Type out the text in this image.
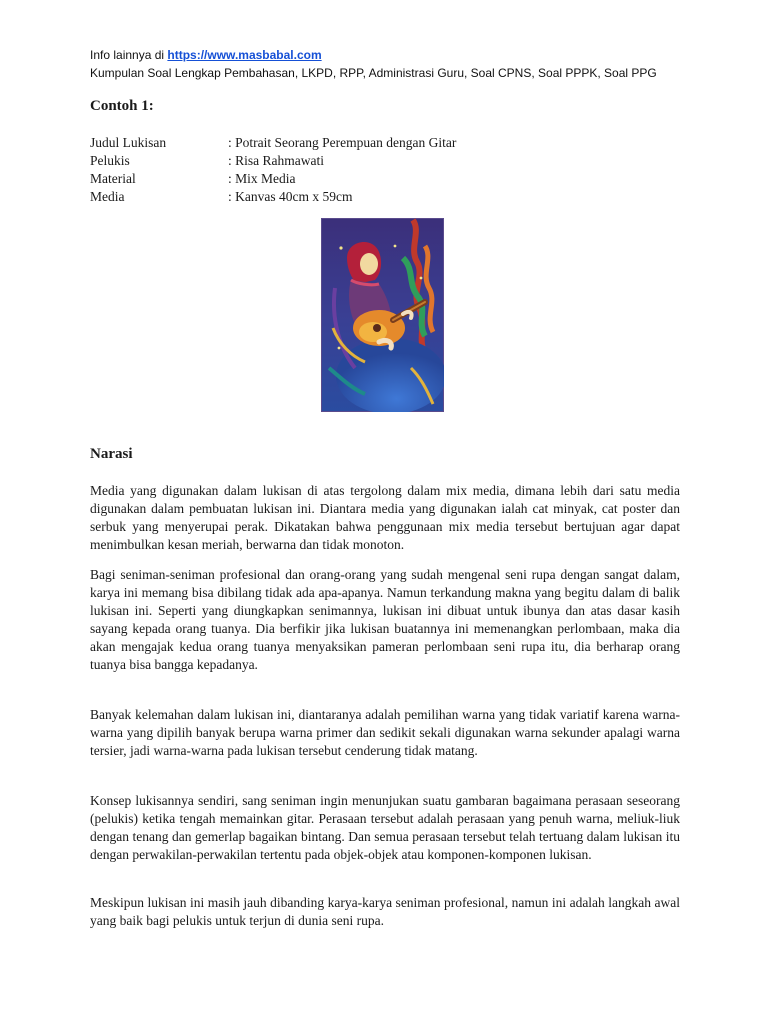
Info lainnya di https://www.masbabal.com
Kumpulan Soal Lengkap Pembahasan, LKPD, RPP, Administrasi Guru, Soal CPNS, Soal PPPK, Soal PPG
Contoh 1:
Judul Lukisan	: Potrait Seorang Perempuan dengan Gitar
Pelukis	: Risa Rahmawati
Material	: Mix Media
Media	: Kanvas 40cm x 59cm
Narasi

Media yang digunakan dalam lukisan di atas tergolong dalam mix media, dimana lebih dari satu media digunakan dalam pembuatan lukisan ini. Diantara media yang digunakan ialah cat minyak, cat poster dan serbuk yang menyerupai perak. Dikatakan bahwa penggunaan mix media tersebut bertujuan agar dapat menimbulkan kesan meriah, berwarna dan tidak monoton.

Bagi seniman-seniman profesional dan orang-orang yang sudah mengenal seni rupa dengan sangat dalam, karya ini memang bisa dibilang tidak ada apa-apanya. Namun terkandung makna yang begitu dalam di balik lukisan ini. Seperti yang diungkapkan senimannya, lukisan ini dibuat untuk ibunya dan atas dasar kasih sayang kepada orang tuanya. Dia berfikir jika lukisan buatannya ini memenangkan perlombaan, maka dia akan mengajak kedua orang tuanya menyaksikan pameran perlombaan seni rupa itu, dia berharap orang tuanya bisa bangga kepadanya.

Banyak kelemahan dalam lukisan ini, diantaranya adalah pemilihan warna yang tidak variatif karena warna-warna yang dipilih banyak berupa warna primer dan sedikit sekali digunakan warna sekunder apalagi warna tersier, jadi warna-warna pada lukisan tersebut cenderung tidak matang.

Konsep lukisannya sendiri, sang seniman ingin menunjukan suatu gambaran bagaimana perasaan seseorang (pelukis) ketika tengah memainkan gitar. Perasaan tersebut adalah perasaan yang penuh warna, meliuk-liuk dengan tenang dan gemerlap bagaikan bintang. Dan semua perasaan tersebut telah tertuang dalam lukisan itu dengan perwakilan-perwakilan tertentu pada objek-objek atau komponen-komponen lukisan.

Meskipun lukisan ini masih jauh dibanding karya-karya seniman profesional, namun ini adalah langkah awal yang baik bagi pelukis untuk terjun di dunia seni rupa.
